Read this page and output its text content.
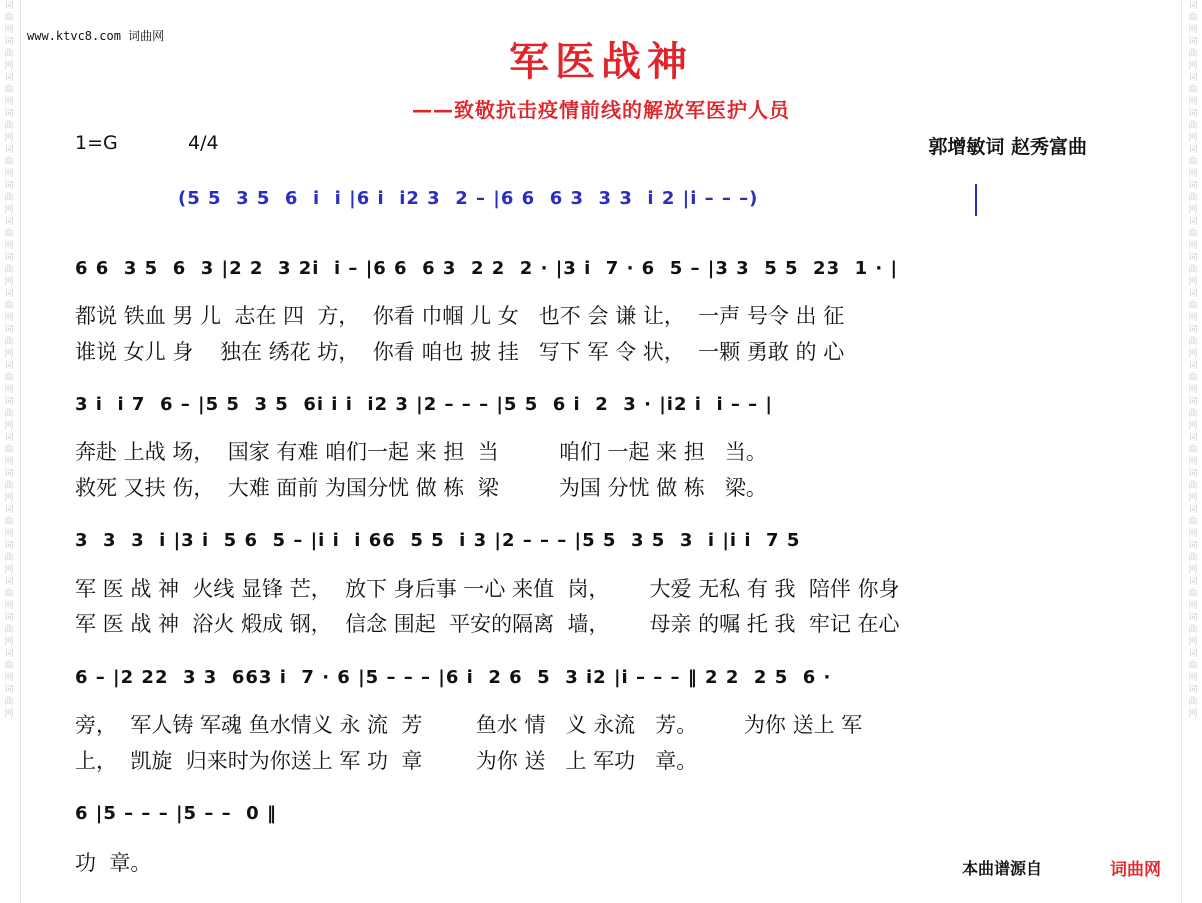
词曲网词曲网词曲网词曲网词曲网词曲网词曲网词曲网词曲网词曲网词曲网词曲网词曲网词曲网词曲网词曲网词曲网词曲网词曲网词曲网
词曲网词曲网词曲网词曲网词曲网词曲网词曲网词曲网词曲网词曲网词曲网词曲网词曲网词曲网词曲网词曲网词曲网词曲网词曲网词曲网
www.ktvc8.com 词曲网
军医战神
——致敬抗击疫情前线的解放军医护人员
1=G	4/4	郭增敏词 赵秀富曲
(5 5  3 5  6  i  i |6 i  i2 3  2 – |6 6  6 3  3 3  i 2 |i – – –)
6 6  3 5  6  3 |2 2  3 2i  i – |6 6  6 3  2 2  2 · |3 i  7 · 6  5 – |3 3  5 5  23  1 · |
都说 铁血 男 儿  志在 四  方，  你看 巾帼 儿 女   也不 会 谦 让，  一声 号令 出 征
谁说 女儿 身    独在 绣花 坊，  你看 咱也 披 挂   写下 军 令 状，  一颗 勇敢 的 心
3 i  i 7  6 – |5 5  3 5  6i i i  i2 3 |2 – – – |5 5  6 i  2  3 · |i2 i  i – – |
奔赴 上战 场，  国家 有难 咱们一起 来 担  当         咱们 一起 来 担   当。
救死 又扶 伤，  大难 面前 为国分忧 做 栋  梁         为国 分忧 做 栋   梁。
3  3  3  i |3 i  5 6  5 – |i i  i 66  5 5  i 3 |2 – – – |5 5  3 5  3  i |i i  7 5
军 医 战 神  火线 显锋 芒，  放下 身后事 一心 来值  岗，      大爱 无私 有 我  陪伴 你身
军 医 战 神  浴火 煅成 钢，  信念 围起  平安的隔离  墙，      母亲 的嘱 托 我  牢记 在心
6 – |2 22  3 3  663 i  7 · 6 |5 – – – |6 i  2 6  5  3 i2 |i – – – ‖ 2 2  2 5  6 ·
旁，  军人铸 军魂 鱼水情义 永 流  芳        鱼水 情   义 永流   芳。       为你 送上 军
上，  凯旋  归来时为你送上 军 功  章        为你 送   上 军功   章。
6 |5 – – – |5 – –  0 ‖
功  章。	本曲谱源自	词曲网
